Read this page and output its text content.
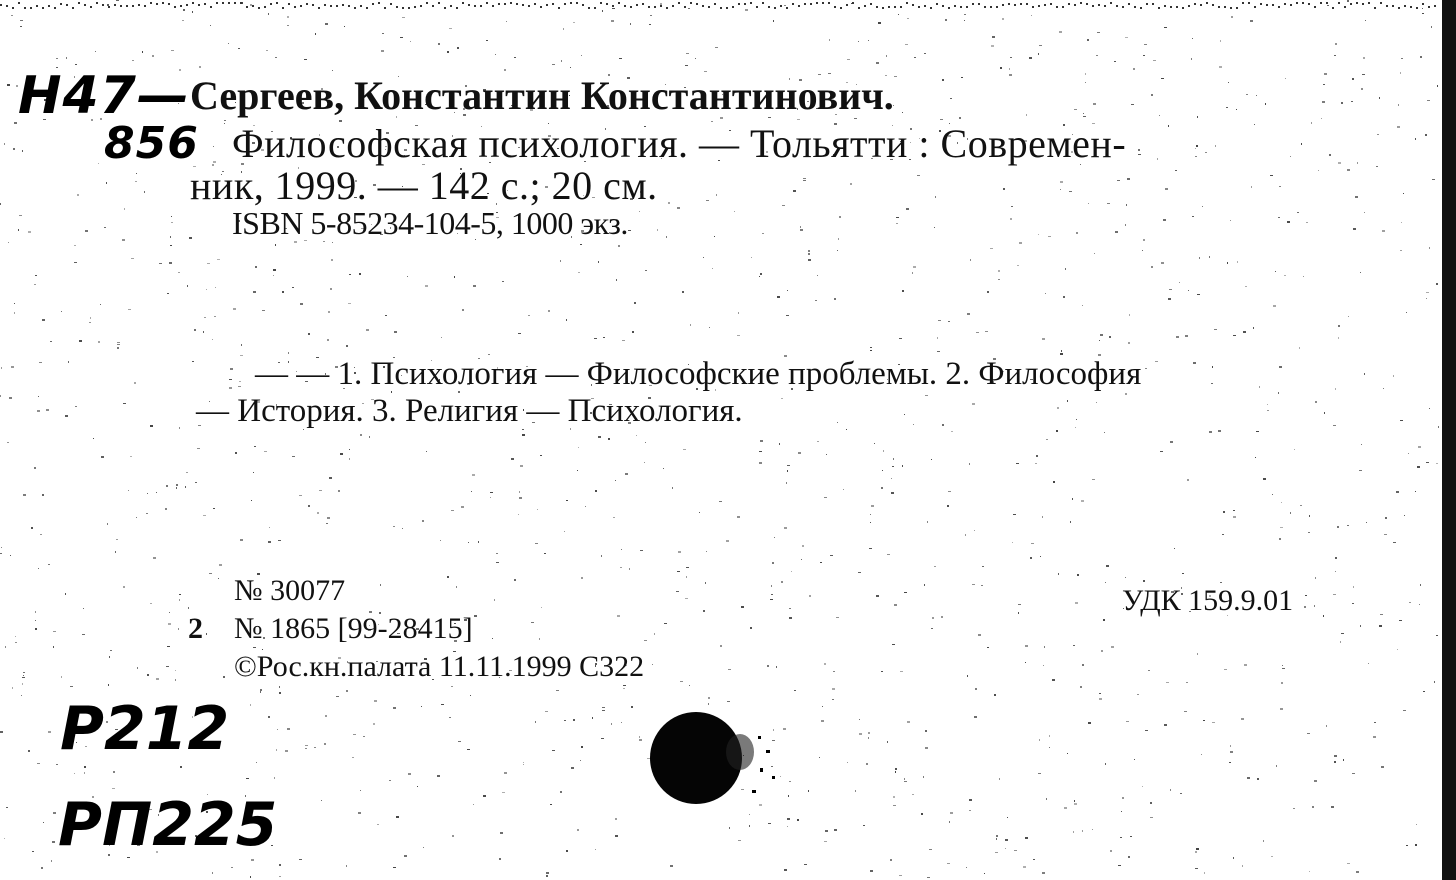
Н47—
856
Сергеев, Константин Константинович.
Философская психология. — Тольятти : Современ-
ник, 1999. — 142 с.; 20 см.
ISBN 5-85234-104-5, 1000 экз.
— — 1. Психология — Философские проблемы. 2. Философия
— История. 3. Религия — Психология.
№ 30077
2 № 1865 [99-28415]
©Рос.кн.палата 11.11.1999 С322
УДК 159.9.01
Р212
РП225
